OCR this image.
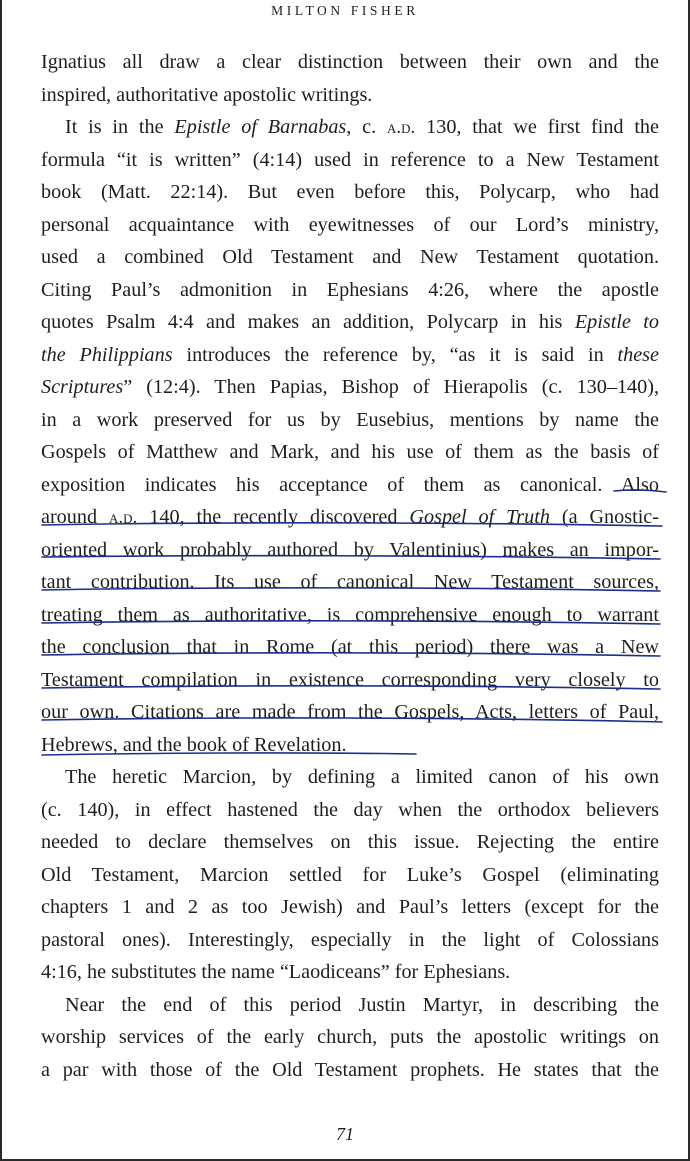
MILTON FISHER
Ignatius all draw a clear distinction between their own and the
inspired, authoritative apostolic writings.
It is in the Epistle of Barnabas, c. a.d. 130, that we first find the
formula “it is written” (4:14) used in reference to a New Testament
book (Matt. 22:14). But even before this, Polycarp, who had
personal acquaintance with eyewitnesses of our Lord’s ministry,
used a combined Old Testament and New Testament quotation.
Citing Paul’s admonition in Ephesians 4:26, where the apostle
quotes Psalm 4:4 and makes an addition, Polycarp in his Epistle to
the Philippians introduces the reference by, “as it is said in these
Scriptures” (12:4). Then Papias, Bishop of Hierapolis (c. 130–140),
in a work preserved for us by Eusebius, mentions by name the
Gospels of Matthew and Mark, and his use of them as the basis of
exposition indicates his acceptance of them as canonical. Also
around a.d. 140, the recently discovered Gospel of Truth (a Gnostic-
oriented work probably authored by Valentinius) makes an impor-
tant contribution. Its use of canonical New Testament sources,
treating them as authoritative, is comprehensive enough to warrant
the conclusion that in Rome (at this period) there was a New
Testament compilation in existence corresponding very closely to
our own. Citations are made from the Gospels, Acts, letters of Paul,
Hebrews, and the book of Revelation.
The heretic Marcion, by defining a limited canon of his own
(c. 140), in effect hastened the day when the orthodox believers
needed to declare themselves on this issue. Rejecting the entire
Old Testament, Marcion settled for Luke’s Gospel (eliminating
chapters 1 and 2 as too Jewish) and Paul’s letters (except for the
pastoral ones). Interestingly, especially in the light of Colossians
4:16, he substitutes the name “Laodiceans” for Ephesians.
Near the end of this period Justin Martyr, in describing the
worship services of the early church, puts the apostolic writings on
a par with those of the Old Testament prophets. He states that the
71
